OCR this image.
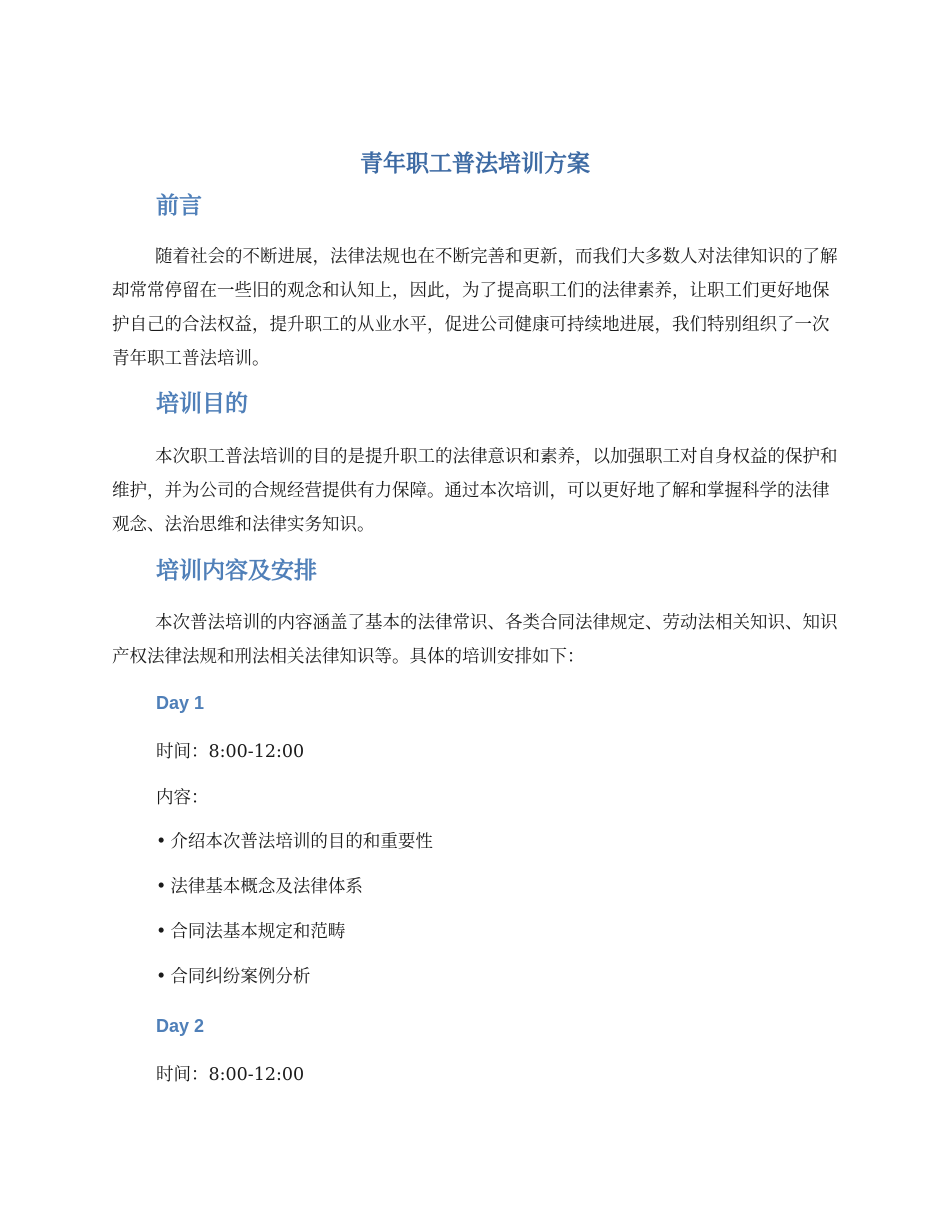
青年职工普法培训方案
前言

随着社会的不断进展，法律法规也在不断完善和更新，而我们大多数人对法律知识的了解却常常停留在一些旧的观念和认知上，因此，为了提高职工们的法律素养，让职工们更好地保护自己的合法权益，提升职工的从业水平，促进公司健康可持续地进展，我们特别组织了一次青年职工普法培训。

培训目的

本次职工普法培训的目的是提升职工的法律意识和素养，以加强职工对自身权益的保护和维护，并为公司的合规经营提供有力保障。通过本次培训，可以更好地了解和掌握科学的法律观念、法治思维和法律实务知识。

培训内容及安排

本次普法培训的内容涵盖了基本的法律常识、各类合同法律规定、劳动法相关知识、知识产权法律法规和刑法相关法律知识等。具体的培训安排如下：

Day 1

时间：8:00-12:00

内容：

• 介绍本次普法培训的目的和重要性

• 法律基本概念及法律体系

• 合同法基本规定和范畴

• 合同纠纷案例分析

Day 2

时间：8:00-12:00
